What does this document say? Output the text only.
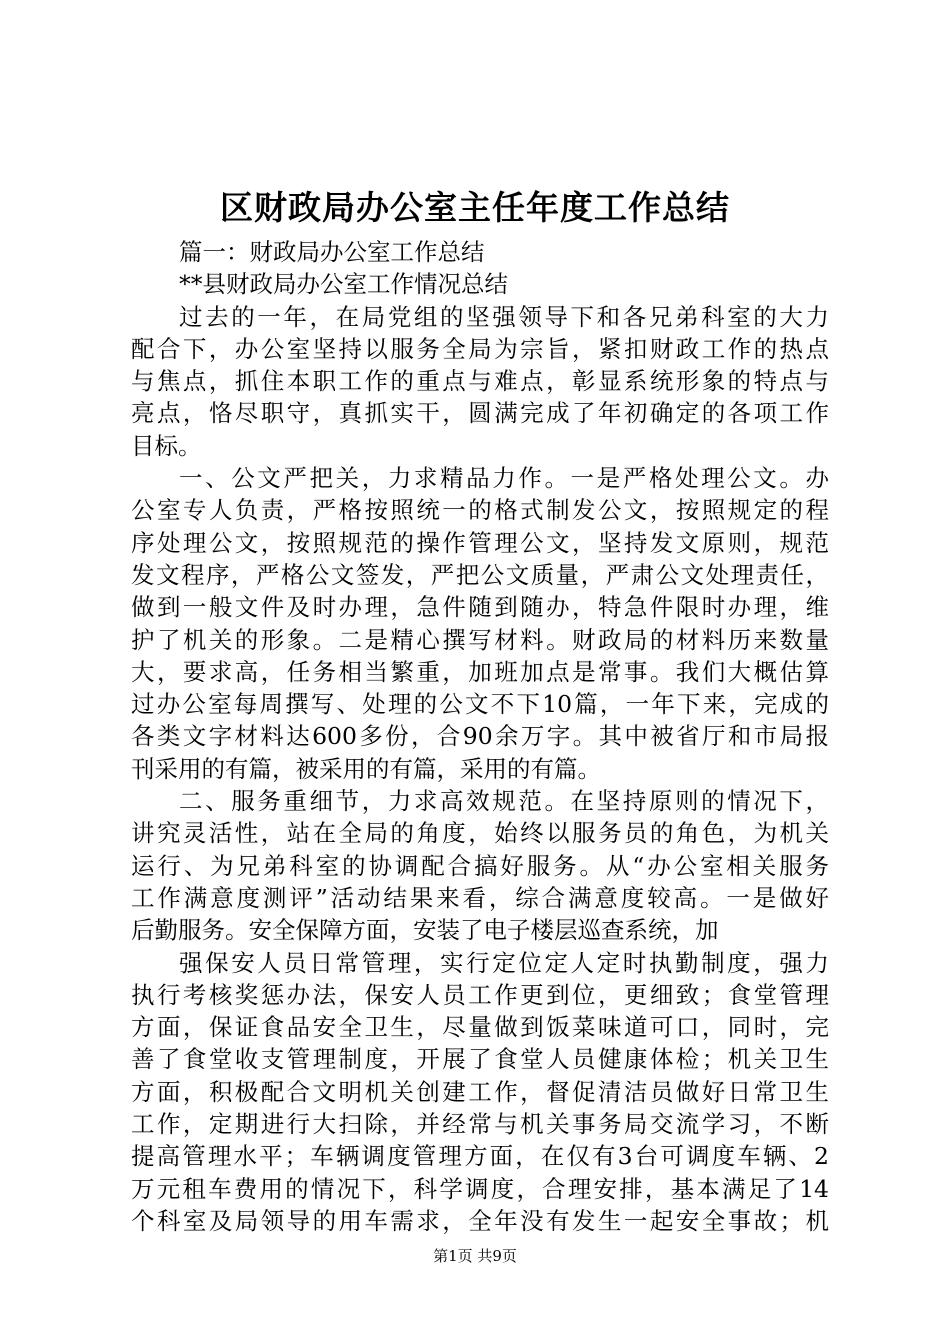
区财政局办公室主任年度工作总结
篇一：财政局办公室工作总结
**县财政局办公室工作情况总结
过去的一年，在局党组的坚强领导下和各兄弟科室的大力
配合下，办公室坚持以服务全局为宗旨，紧扣财政工作的热点
与焦点，抓住本职工作的重点与难点，彰显系统形象的特点与
亮点，恪尽职守，真抓实干，圆满完成了年初确定的各项工作
目标。
一、公文严把关，力求精品力作。一是严格处理公文。办
公室专人负责，严格按照统一的格式制发公文，按照规定的程
序处理公文，按照规范的操作管理公文，坚持发文原则，规范
发文程序，严格公文签发，严把公文质量，严肃公文处理责任，
做到一般文件及时办理，急件随到随办，特急件限时办理，维
护了机关的形象。二是精心撰写材料。财政局的材料历来数量
大，要求高，任务相当繁重，加班加点是常事。我们大概估算
过办公室每周撰写、处理的公文不下10篇，一年下来，完成的
各类文字材料达600多份，合90余万字。其中被省厅和市局报
刊采用的有篇，被采用的有篇，采用的有篇。
二、服务重细节，力求高效规范。在坚持原则的情况下，
讲究灵活性，站在全局的角度，始终以服务员的角色，为机关
运行、为兄弟科室的协调配合搞好服务。从“办公室相关服务
工作满意度测评”活动结果来看，综合满意度较高。一是做好
后勤服务。安全保障方面，安装了电子楼层巡查系统，加
强保安人员日常管理，实行定位定人定时执勤制度，强力
执行考核奖惩办法，保安人员工作更到位，更细致；食堂管理
方面，保证食品安全卫生，尽量做到饭菜味道可口，同时，完
善了食堂收支管理制度，开展了食堂人员健康体检；机关卫生
方面，积极配合文明机关创建工作，督促清洁员做好日常卫生
工作，定期进行大扫除，并经常与机关事务局交流学习，不断
提高管理水平；车辆调度管理方面，在仅有3台可调度车辆、2
万元租车费用的情况下，科学调度，合理安排，基本满足了14
个科室及局领导的用车需求，全年没有发生一起安全事故；机
第1页 共9页
